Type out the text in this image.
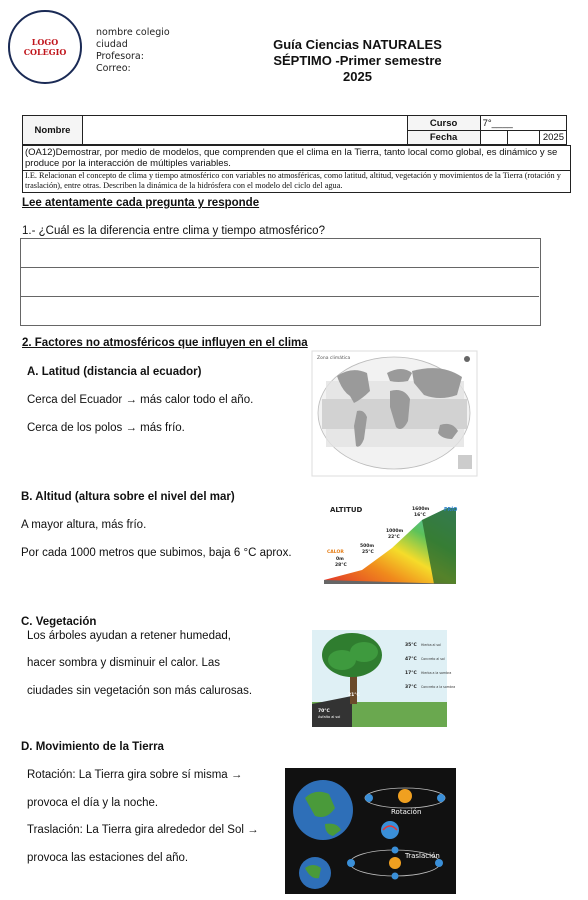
LOGO
COLEGIO
nombre colegio
ciudad
Profesora:
Correo:
Guía Ciencias NATURALES
SÉPTIMO -Primer semestre
2025
Nombre		Curso	7°____		
		Fecha			2025
(OA12)Demostrar, por medio de modelos, que comprenden que el clima en la Tierra, tanto local como global, es dinámico y se produce por la interacción de múltiples variables.
I.E. Relacionan el concepto de clima y tiempo atmosférico con variables no atmosféricas, como latitud, altitud, vegetación y movimientos de la Tierra (rotación y traslación), entre otras. Describen la dinámica de la hidrósfera con el modelo del ciclo del agua.
Lee atentamente cada pregunta y responde
1.- ¿Cuál es la diferencia entre clima y tiempo atmosférico?
2. Factores no atmosféricos que influyen en el clima
A. Latitud (distancia al ecuador)
Cerca del Ecuador → más calor todo el año.
Cerca de los polos → más frío.
Zona climática
B. Altitud (altura sobre el nivel del mar)
A mayor altura, más frío.
Por cada 1000 metros que subimos, baja 6 °C aprox.
ALTITUD	FRÍO
1600m
16°C
1000m
22°C
500m
25°C
CALOR
0m
28°C
C. Vegetación
Los árboles ayudan a retener humedad,
hacer sombra y disminuir el calor. Las
ciudades sin vegetación son más calurosas.	21°C
70°C
Asfalto al sol
35°C Hierba al sol
47°C Concreto al sol
17°C Hierba a la sombra
37°C Concreto a la sombra
D. Movimiento de la Tierra
Rotación: La Tierra gira sobre sí misma →
provoca el día y la noche.
Traslación: La Tierra gira alrededor del Sol →
provoca las estaciones del año.
Rotación
Traslación
